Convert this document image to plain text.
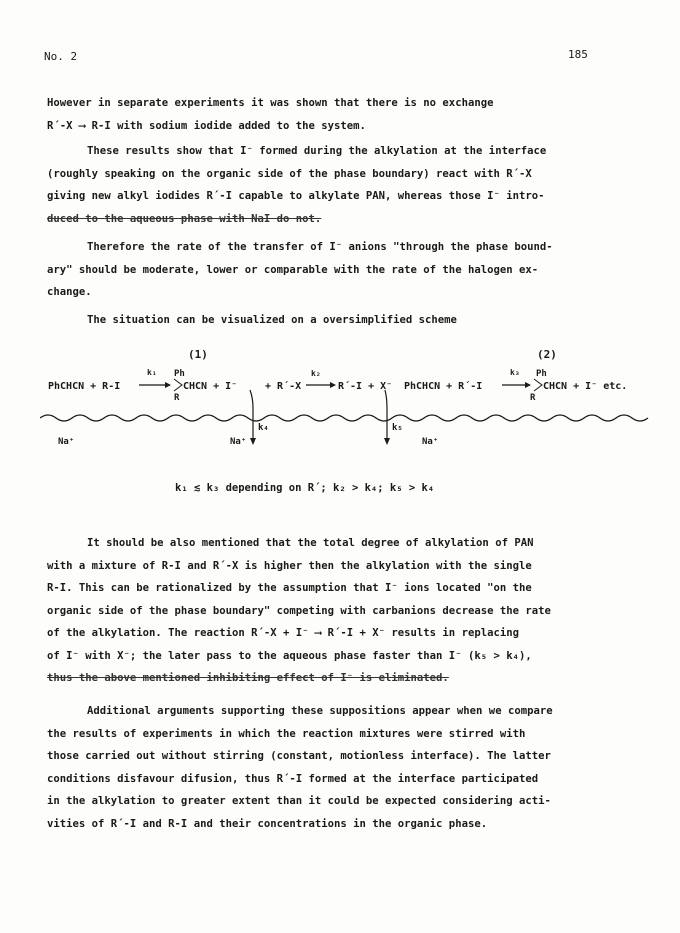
No. 2	185
However in separate experiments it was shown that there is no exchange
R´-X ⟶ R-I with sodium iodide added to the system.
These results show that I⁻ formed during the alkylation at the interface
(roughly speaking on the organic side of the phase boundary) react with R´-X
giving new alkyl iodides R´-I capable to alkylate PAN, whereas those I⁻ intro-
duced to the aqueous phase with NaI do not.
Therefore the rate of the transfer of I⁻ anions "through the phase bound-
ary" should be moderate, lower or comparable with the rate of the halogen ex-
change.
The situation can be visualized on a oversimplified scheme
(1)	(2)
PhCHCN + R-I
k₁ Ph
R
CHCN + I⁻	+ R´-X
k₂
R´-I + X⁻ PhCHCN + R´-I
k₃ Ph
R
CHCN + I⁻ etc.
k₄	k₅
Na⁺	Na⁺	Na⁺
k₁ ≲ k₃ depending on R´; k₂ > k₄; k₅ > k₄
It should be also mentioned that the total degree of alkylation of PAN
with a mixture of R-I and R´-X is higher then the alkylation with the single
R-I. This can be rationalized by the assumption that I⁻ ions located "on the
organic side of the phase boundary" competing with carbanions decrease the rate
of the alkylation. The reaction R´-X + I⁻ ⟶ R´-I + X⁻ results in replacing
of I⁻ with X⁻; the later pass to the aqueous phase faster than I⁻ (k₅ > k₄),
thus the above mentioned inhibiting effect of I⁻ is eliminated.
Additional arguments supporting these suppositions appear when we compare
the results of experiments in which the reaction mixtures were stirred with
those carried out without stirring (constant, motionless interface). The latter
conditions disfavour difusion, thus R´-I formed at the interface participated
in the alkylation to greater extent than it could be expected considering acti-
vities of R´-I and R-I and their concentrations in the organic phase.
